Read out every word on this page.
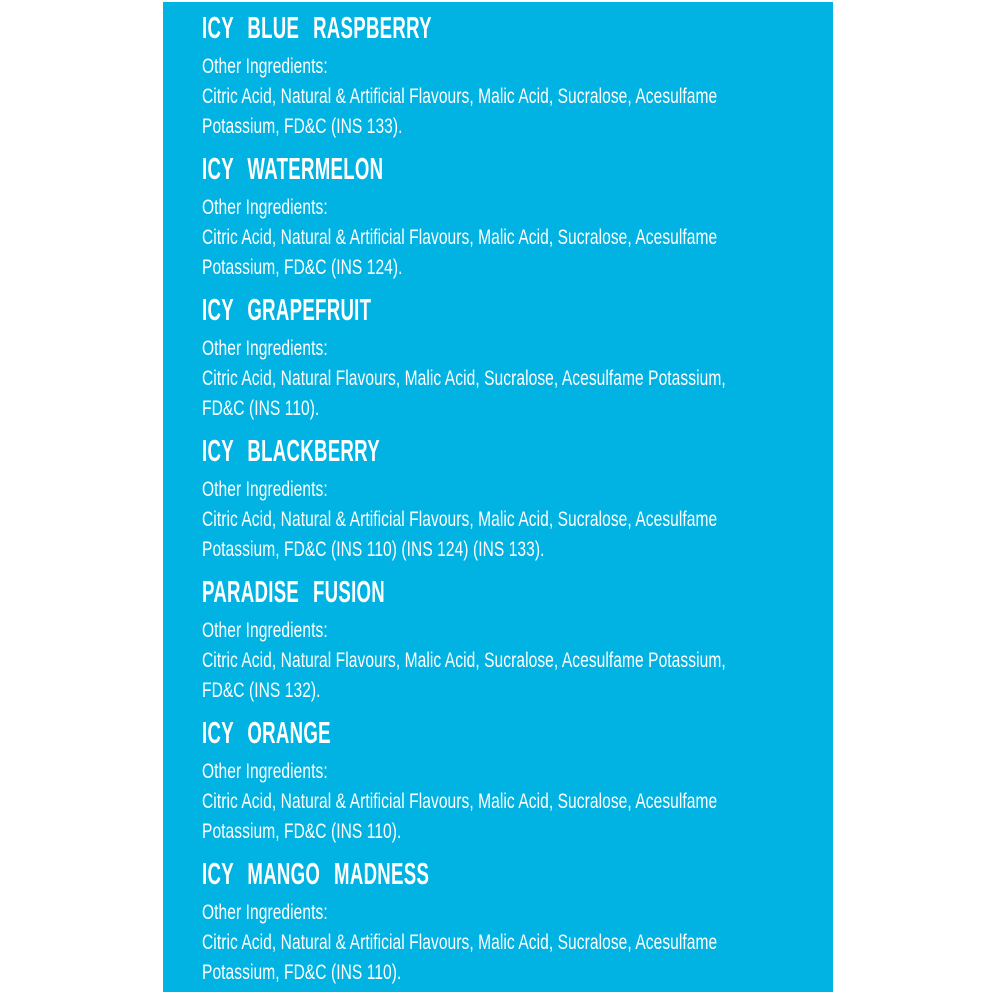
ICY BLUE RASPBERRY
Other Ingredients:
Citric Acid, Natural & Artificial Flavours, Malic Acid, Sucralose, Acesulfame
Potassium, FD&C (INS 133).
ICY WATERMELON
Other Ingredients:
Citric Acid, Natural & Artificial Flavours, Malic Acid, Sucralose, Acesulfame
Potassium, FD&C (INS 124).
ICY GRAPEFRUIT
Other Ingredients:
Citric Acid, Natural Flavours, Malic Acid, Sucralose, Acesulfame Potassium,
FD&C (INS 110).
ICY BLACKBERRY
Other Ingredients:
Citric Acid, Natural & Artificial Flavours, Malic Acid, Sucralose, Acesulfame
Potassium, FD&C (INS 110) (INS 124) (INS 133).
PARADISE FUSION
Other Ingredients:
Citric Acid, Natural Flavours, Malic Acid, Sucralose, Acesulfame Potassium,
FD&C (INS 132).
ICY ORANGE
Other Ingredients:
Citric Acid, Natural & Artificial Flavours, Malic Acid, Sucralose, Acesulfame
Potassium, FD&C (INS 110).
ICY MANGO MADNESS
Other Ingredients:
Citric Acid, Natural & Artificial Flavours, Malic Acid, Sucralose, Acesulfame
Potassium, FD&C (INS 110).
